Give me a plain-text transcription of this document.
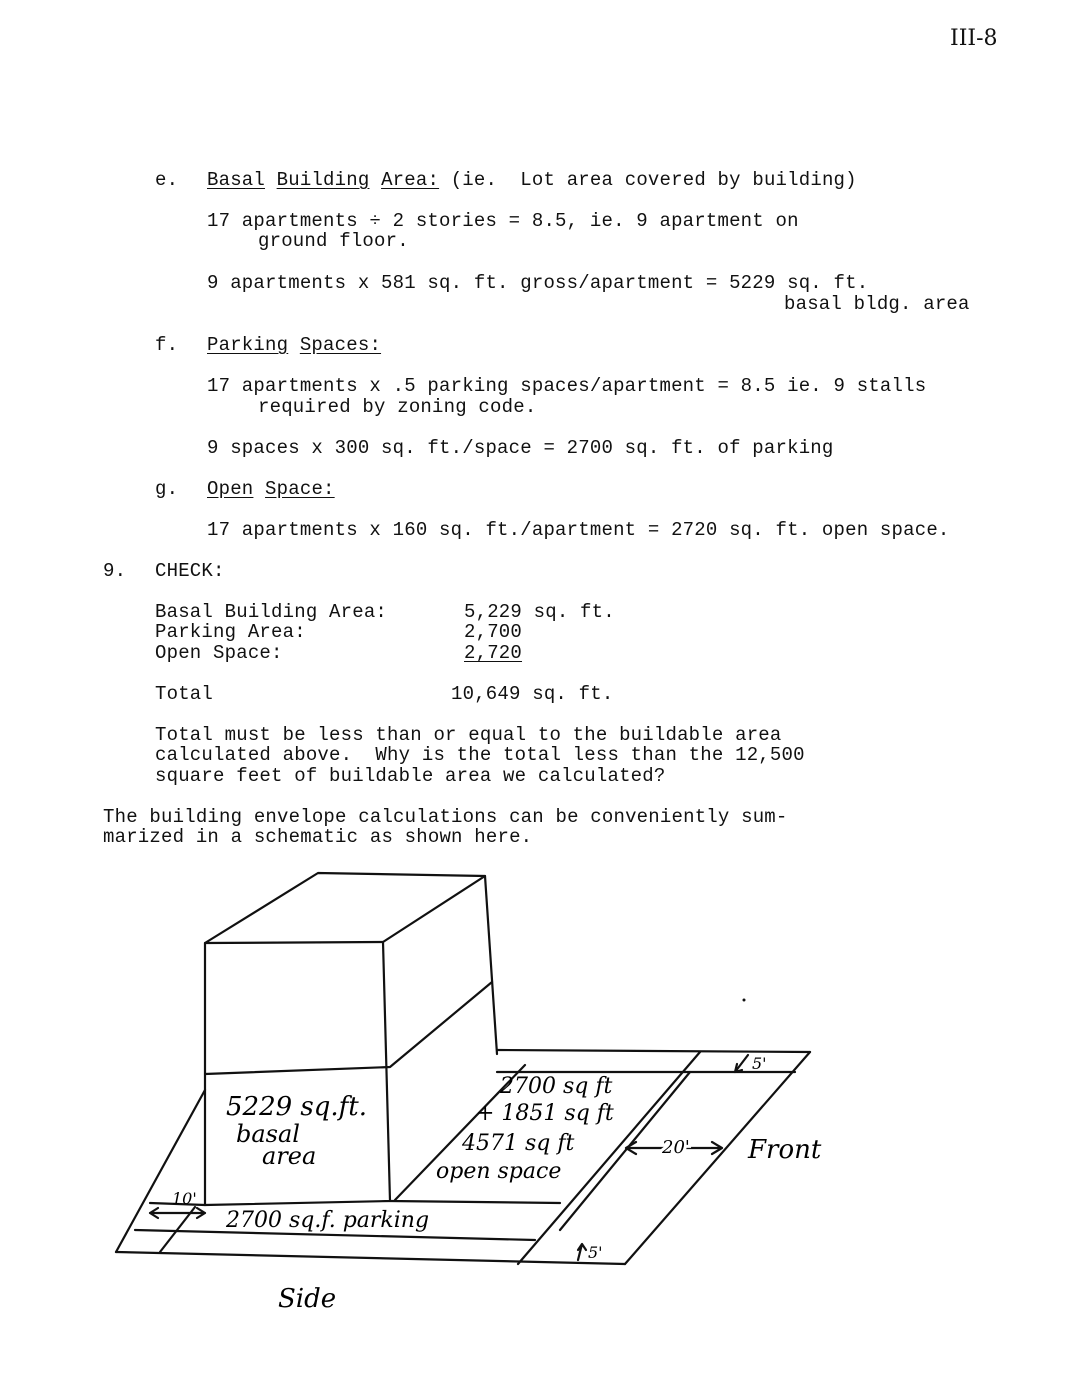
III-8
e. Basal Building Area: (ie.  Lot area covered by building)
17 apartments ÷ 2 stories = 8.5, ie. 9 apartment on
ground floor.
9 apartments x 581 sq. ft. gross/apartment = 5229 sq. ft.
basal bldg. area
f. Parking Spaces:
17 apartments x .5 parking spaces/apartment = 8.5 ie. 9 stalls
required by zoning code.
9 spaces x 300 sq. ft./space = 2700 sq. ft. of parking
g. Open Space:
17 apartments x 160 sq. ft./apartment = 2720 sq. ft. open space.
9. CHECK:
Basal Building Area:	5,229 sq. ft.
Parking Area:	2,700
Open Space:	2,720
Total	10,649 sq. ft.
Total must be less than or equal to the buildable area
calculated above.  Why is the total less than the 12,500
square feet of buildable area we calculated?
The building envelope calculations can be conveniently sum-
marized in a schematic as shown here.
5229 sq.ft.
basal
area
2700 sq ft
+ 1851 sq ft
4571 sq ft
open space
2700 sq.f. parking
10'
5'
5'
20' Front
Side
